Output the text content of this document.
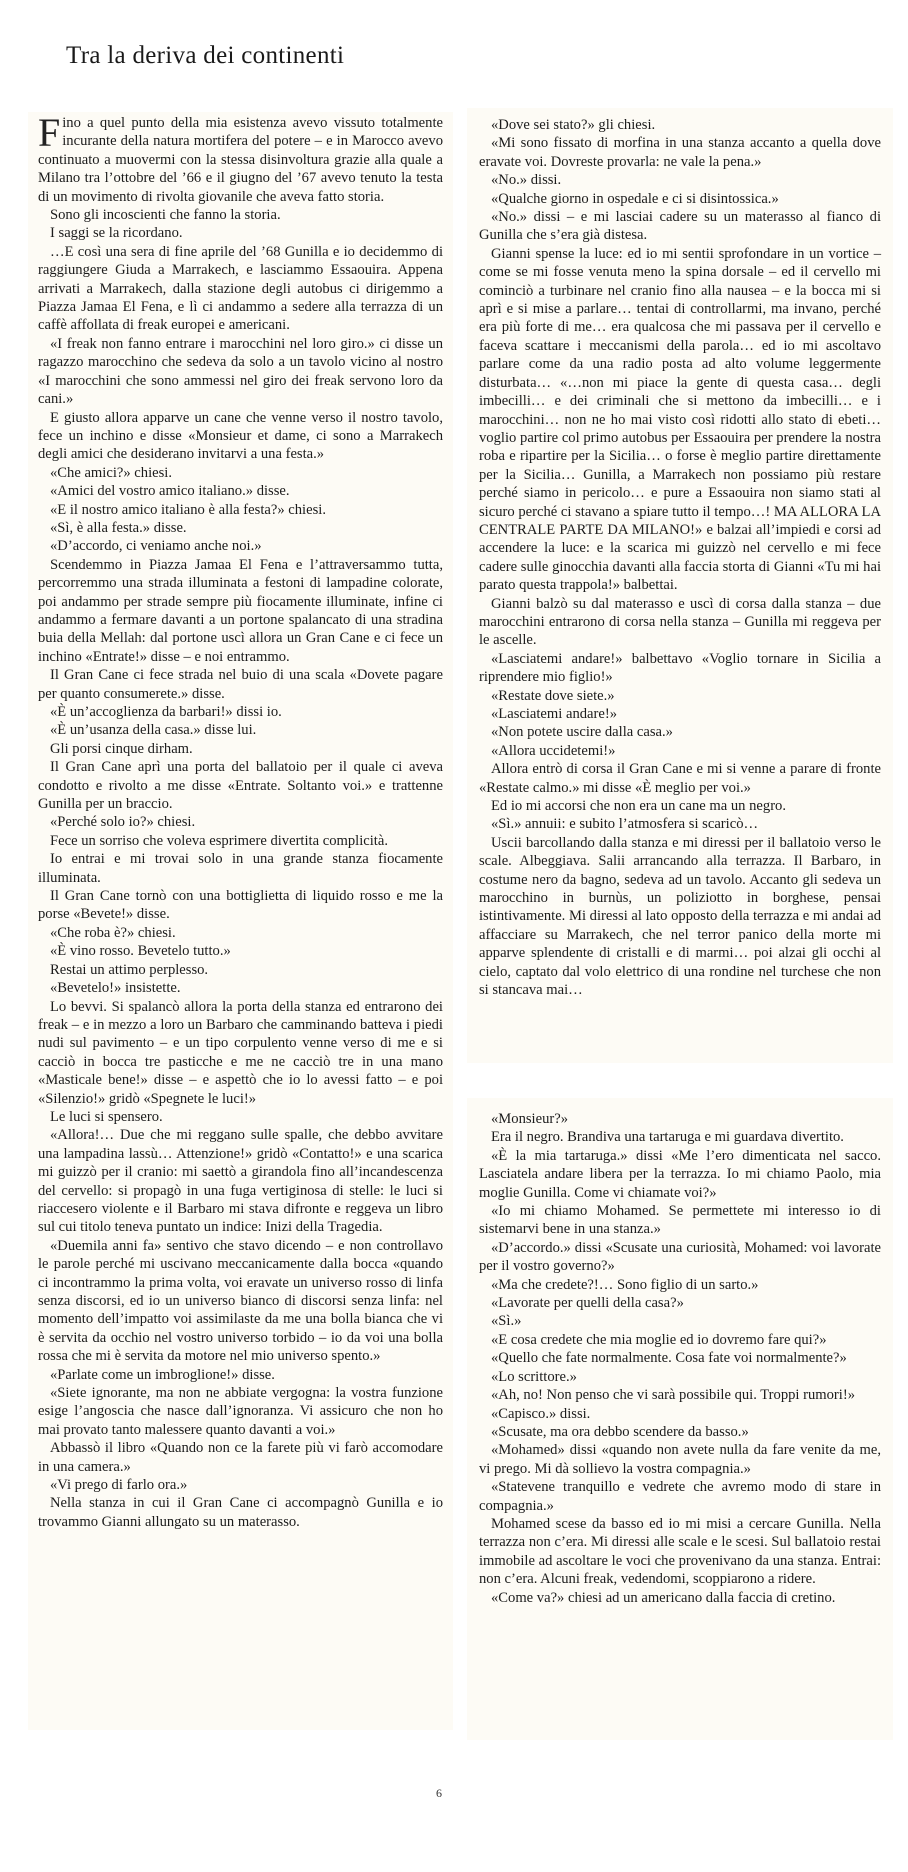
Tra la deriva dei continenti

Fino a quel punto della mia esistenza avevo vissuto totalmente incurante della natura mortifera del potere – e in Marocco avevo continuato a muovermi con la stessa disinvoltura grazie alla quale a Milano tra l’ottobre del ’66 e il giugno del ’67 avevo tenuto la testa di un movimento di rivolta giovanile che aveva fatto storia.

Sono gli incoscienti che fanno la storia.

I saggi se la ricordano.

…E così una sera di fine aprile del ’68 Gunilla e io decidemmo di raggiungere Giuda a Marrakech, e lasciammo Essaouira. Appena arrivati a Marrakech, dalla stazione degli autobus ci dirigemmo a Piazza Jamaa El Fena, e lì ci andammo a sedere alla terrazza di un caffè affollata di freak europei e americani.

«I freak non fanno entrare i marocchini nel loro giro.» ci disse un ragazzo marocchino che sedeva da solo a un tavolo vicino al nostro «I marocchini che sono ammessi nel giro dei freak servono loro da cani.»

E giusto allora apparve un cane che venne verso il nostro tavolo, fece un inchino e disse «Monsieur et dame, ci sono a Marrakech degli amici che desiderano invitarvi a una festa.»

«Che amici?» chiesi.

«Amici del vostro amico italiano.» disse.

«E il nostro amico italiano è alla festa?» chiesi.

«Sì, è alla festa.» disse.

«D’accordo, ci veniamo anche noi.»

Scendemmo in Piazza Jamaa El Fena e l’attraversammo tutta, percorremmo una strada illuminata a festoni di lampadine colorate, poi andammo per strade sempre più fiocamente illuminate, infine ci andammo a fermare davanti a un portone spalancato di una stradina buia della Mellah: dal portone uscì allora un Gran Cane e ci fece un inchino «Entrate!» disse – e noi entrammo.

Il Gran Cane ci fece strada nel buio di una scala «Dovete pagare per quanto consumerete.» disse.

«È un’accoglienza da barbari!» dissi io.

«È un’usanza della casa.» disse lui.

Gli porsi cinque dirham.

Il Gran Cane aprì una porta del ballatoio per il quale ci aveva condotto e rivolto a me disse «Entrate. Soltanto voi.» e trattenne Gunilla per un braccio.

«Perché solo io?» chiesi.

Fece un sorriso che voleva esprimere divertita complicità.

Io entrai e mi trovai solo in una grande stanza fiocamente illuminata.

Il Gran Cane tornò con una bottiglietta di liquido rosso e me la porse «Bevete!» disse.

«Che roba è?» chiesi.

«È vino rosso. Bevetelo tutto.»

Restai un attimo perplesso.

«Bevetelo!» insistette.

Lo bevvi. Si spalancò allora la porta della stanza ed entrarono dei freak – e in mezzo a loro un Barbaro che camminando batteva i piedi nudi sul pavimento – e un tipo corpulento venne verso di me e si cacciò in bocca tre pasticche e me ne cacciò tre in una mano «Masticale bene!» disse – e aspettò che io lo avessi fatto – e poi «Silenzio!» gridò «Spegnete le luci!»

Le luci si spensero.

«Allora!… Due che mi reggano sulle spalle, che debbo avvitare una lampadina lassù… Attenzione!» gridò «Contatto!» e una scarica mi guizzò per il cranio: mi saettò a girandola fino all’incandescenza del cervello: si propagò in una fuga vertiginosa di stelle: le luci si riaccesero violente e il Barbaro mi stava difronte e reggeva un libro sul cui titolo teneva puntato un indice: Inizi della Tragedia.

«Duemila anni fa» sentivo che stavo dicendo – e non controllavo le parole perché mi uscivano meccanicamente dalla bocca «quando ci incontrammo la prima volta, voi eravate un universo rosso di linfa senza discorsi, ed io un universo bianco di discorsi senza linfa: nel momento dell’impatto voi assimilaste da me una bolla bianca che vi è servita da occhio nel vostro universo torbido – io da voi una bolla rossa che mi è servita da motore nel mio universo spento.»

«Parlate come un imbroglione!» disse.

«Siete ignorante, ma non ne abbiate vergogna: la vostra funzione esige l’angoscia che nasce dall’ignoranza. Vi assicuro che non ho mai provato tanto malessere quanto davanti a voi.»

Abbassò il libro «Quando non ce la farete più vi farò accomodare in una camera.»

«Vi prego di farlo ora.»

Nella stanza in cui il Gran Cane ci accompagnò Gunilla e io trovammo Gianni allungato su un materasso.

«Dove sei stato?» gli chiesi.

«Mi sono fissato di morfina in una stanza accanto a quella dove eravate voi. Dovreste provarla: ne vale la pena.»

«No.» dissi.

«Qualche giorno in ospedale e ci si disintossica.»

«No.» dissi – e mi lasciai cadere su un materasso al fianco di Gunilla che s’era già distesa.

Gianni spense la luce: ed io mi sentii sprofondare in un vortice – come se mi fosse venuta meno la spina dorsale – ed il cervello mi cominciò a turbinare nel cranio fino alla nausea – e la bocca mi si aprì e si mise a parlare… tentai di controllarmi, ma invano, perché era più forte di me… era qualcosa che mi passava per il cervello e faceva scattare i meccanismi della parola… ed io mi ascoltavo parlare come da una radio posta ad alto volume leggermente disturbata… «…non mi piace la gente di questa casa… degli imbecilli… e dei criminali che si mettono da imbecilli… e i marocchini… non ne ho mai visto così ridotti allo stato di ebeti… voglio partire col primo autobus per Essaouira per prendere la nostra roba e ripartire per la Sicilia… o forse è meglio partire direttamente per la Sicilia… Gunilla, a Marrakech non possiamo più restare perché siamo in pericolo… e pure a Essaouira non siamo stati al sicuro perché ci stavano a spiare tutto il tempo…! MA ALLORA LA CENTRALE PARTE DA MILANO!» e balzai all’impiedi e corsi ad accendere la luce: e la scarica mi guizzò nel cervello e mi fece cadere sulle ginocchia davanti alla faccia storta di Gianni «Tu mi hai parato questa trappola!» balbettai.

Gianni balzò su dal materasso e uscì di corsa dalla stanza – due marocchini entrarono di corsa nella stanza – Gunilla mi reggeva per le ascelle.

«Lasciatemi andare!» balbettavo «Voglio tornare in Sicilia a riprendere mio figlio!»

«Restate dove siete.»

«Lasciatemi andare!»

«Non potete uscire dalla casa.»

«Allora uccidetemi!»

Allora entrò di corsa il Gran Cane e mi si venne a parare di fronte «Restate calmo.» mi disse «È meglio per voi.»

Ed io mi accorsi che non era un cane ma un negro.

«Sì.» annuii: e subito l’atmosfera si scaricò…

Uscii barcollando dalla stanza e mi diressi per il ballatoio verso le scale. Albeggiava. Salii arrancando alla terrazza. Il Barbaro, in costume nero da bagno, sedeva ad un tavolo. Accanto gli sedeva un marocchino in burnùs, un poliziotto in borghese, pensai istintivamente. Mi diressi al lato opposto della terrazza e mi andai ad affacciare su Marrakech, che nel terror panico della morte mi apparve splendente di cristalli e di marmi… poi alzai gli occhi al cielo, captato dal volo elettrico di una rondine nel turchese che non si stancava mai…

«Monsieur?»

Era il negro. Brandiva una tartaruga e mi guardava divertito.

«È la mia tartaruga.» dissi «Me l’ero dimenticata nel sacco. Lasciatela andare libera per la terrazza. Io mi chiamo Paolo, mia moglie Gunilla. Come vi chiamate voi?»

«Io mi chiamo Mohamed. Se permettete mi interesso io di sistemarvi bene in una stanza.»

«D’accordo.» dissi «Scusate una curiosità, Mohamed: voi lavorate per il vostro governo?»

«Ma che credete?!… Sono figlio di un sarto.»

«Lavorate per quelli della casa?»

«Sì.»

«E cosa credete che mia moglie ed io dovremo fare qui?»

«Quello che fate normalmente. Cosa fate voi normalmente?»

«Lo scrittore.»

«Ah, no! Non penso che vi sarà possibile qui. Troppi rumori!»

«Capisco.» dissi.

«Scusate, ma ora debbo scendere da basso.»

«Mohamed» dissi «quando non avete nulla da fare venite da me, vi prego. Mi dà sollievo la vostra compagnia.»

«Statevene tranquillo e vedrete che avremo modo di stare in compagnia.»

Mohamed scese da basso ed io mi misi a cercare Gunilla. Nella terrazza non c’era. Mi diressi alle scale e le scesi. Sul ballatoio restai immobile ad ascoltare le voci che provenivano da una stanza. Entrai: non c’era. Alcuni freak, vedendomi, scoppiarono a ridere.

«Come va?» chiesi ad un americano dalla faccia di cretino.

6
